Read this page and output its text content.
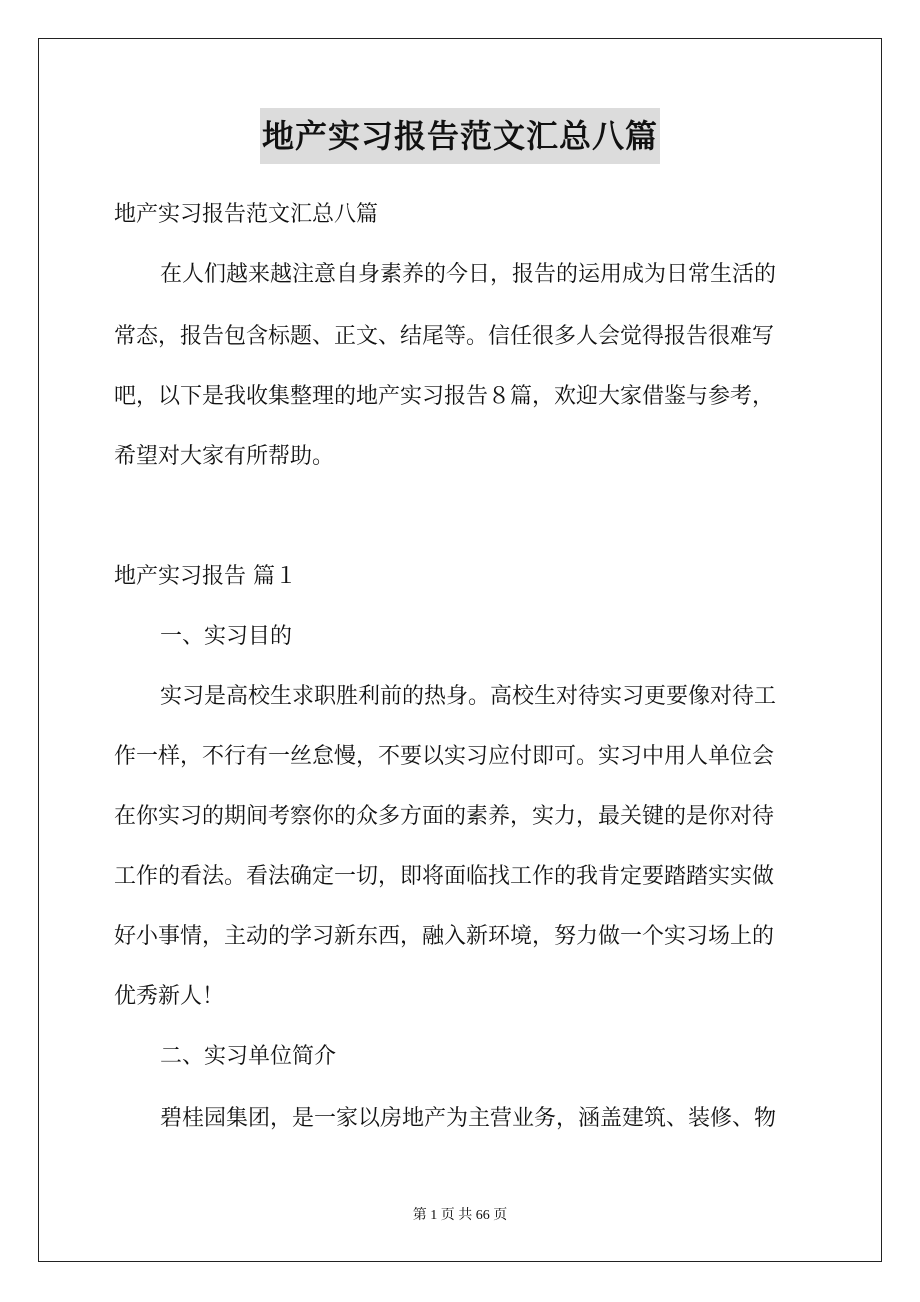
地产实习报告范文汇总八篇
地产实习报告范文汇总八篇
在人们越来越注意自身素养的今日，报告的运用成为日常生活的
常态，报告包含标题、正文、结尾等。信任很多人会觉得报告很难写
吧，以下是我收集整理的地产实习报告８篇，欢迎大家借鉴与参考，
希望对大家有所帮助。
地产实习报告 篇１
一、实习目的
实习是高校生求职胜利前的热身。高校生对待实习更要像对待工
作一样，不行有一丝怠慢，不要以实习应付即可。实习中用人单位会
在你实习的期间考察你的众多方面的素养，实力，最关键的是你对待
工作的看法。看法确定一切，即将面临找工作的我肯定要踏踏实实做
好小事情，主动的学习新东西，融入新环境，努力做一个实习场上的
优秀新人！
二、实习单位简介
碧桂园集团，是一家以房地产为主营业务，涵盖建筑、装修、物
第 1 页 共 66 页
